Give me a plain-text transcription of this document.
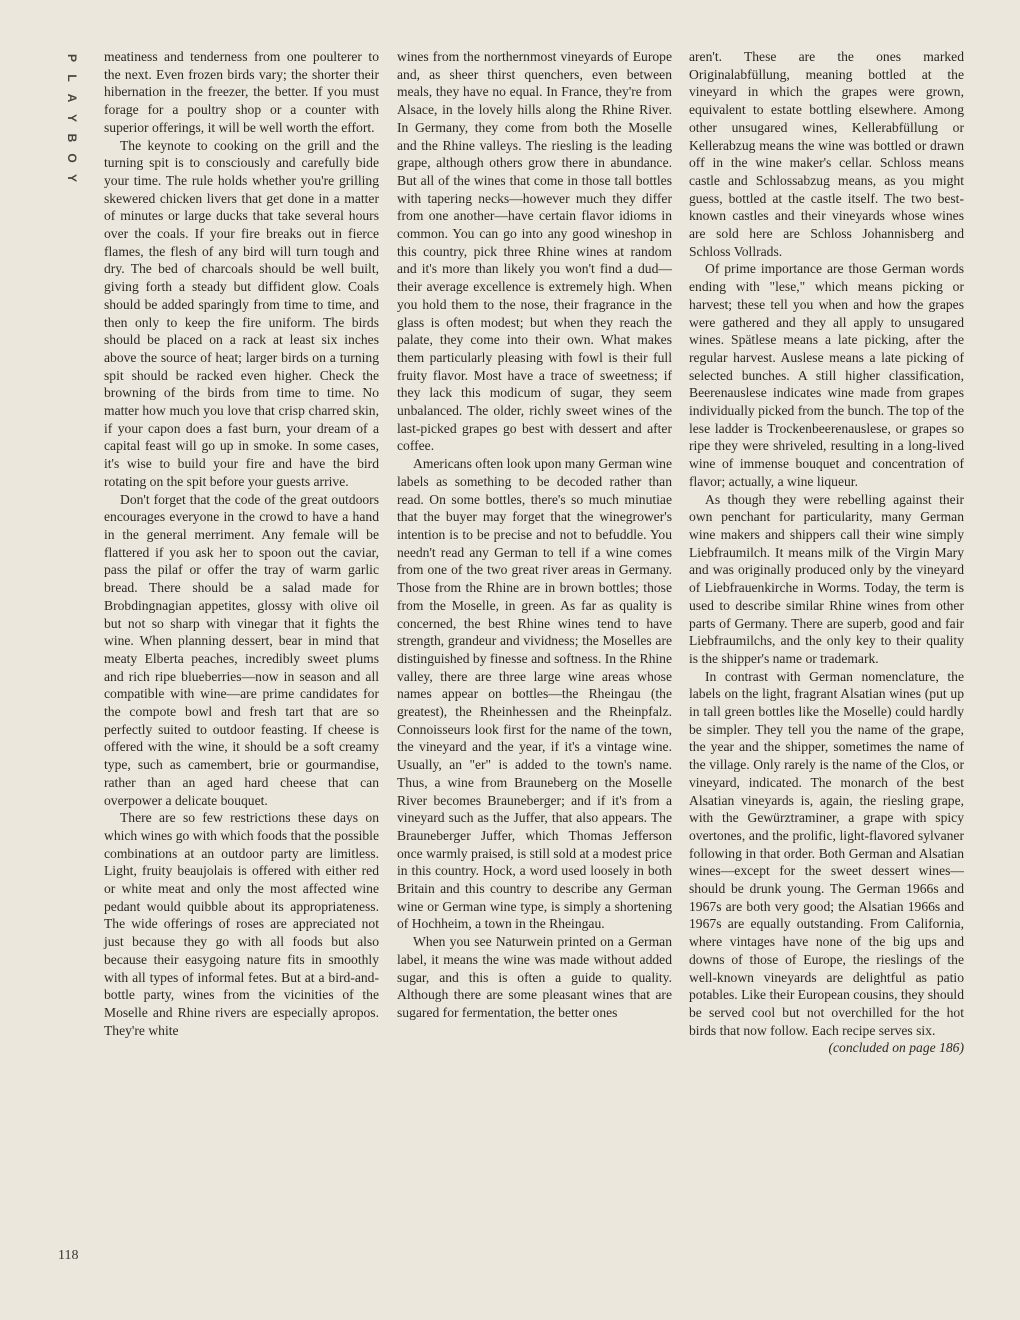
P
L
A
Y
B
O
Y
118

meatiness and tenderness from one poulterer to the next. Even frozen birds vary; the shorter their hibernation in the freezer, the better. If you must forage for a poultry shop or a counter with superior offerings, it will be well worth the effort.

The keynote to cooking on the grill and the turning spit is to consciously and carefully bide your time. The rule holds whether you're grilling skewered chicken livers that get done in a matter of minutes or large ducks that take several hours over the coals. If your fire breaks out in fierce flames, the flesh of any bird will turn tough and dry. The bed of charcoals should be well built, giving forth a steady but diffident glow. Coals should be added sparingly from time to time, and then only to keep the fire uniform. The birds should be placed on a rack at least six inches above the source of heat; larger birds on a turning spit should be racked even higher. Check the browning of the birds from time to time. No matter how much you love that crisp charred skin, if your capon does a fast burn, your dream of a capital feast will go up in smoke. In some cases, it's wise to build your fire and have the bird rotating on the spit before your guests arrive.

Don't forget that the code of the great outdoors encourages everyone in the crowd to have a hand in the general merriment. Any female will be flattered if you ask her to spoon out the caviar, pass the pilaf or offer the tray of warm garlic bread. There should be a salad made for Brobdingnagian appetites, glossy with olive oil but not so sharp with vinegar that it fights the wine. When planning dessert, bear in mind that meaty Elberta peaches, incredibly sweet plums and rich ripe blueberries—now in season and all compatible with wine—are prime candidates for the compote bowl and fresh tart that are so perfectly suited to outdoor feasting. If cheese is offered with the wine, it should be a soft creamy type, such as camembert, brie or gourmandise, rather than an aged hard cheese that can overpower a delicate bouquet.

There are so few restrictions these days on which wines go with which foods that the possible combinations at an outdoor party are limitless. Light, fruity beaujolais is offered with either red or white meat and only the most affected wine pedant would quibble about its appropriateness. The wide offerings of roses are appreciated not just because they go with all foods but also because their easygoing nature fits in smoothly with all types of informal fetes. But at a bird-and-bottle party, wines from the vicinities of the Moselle and Rhine rivers are especially apropos. They're white

wines from the northernmost vineyards of Europe and, as sheer thirst quenchers, even between meals, they have no equal. In France, they're from Alsace, in the lovely hills along the Rhine River. In Germany, they come from both the Moselle and the Rhine valleys. The riesling is the leading grape, although others grow there in abundance. But all of the wines that come in those tall bottles with tapering necks—however much they differ from one another—have certain flavor idioms in common. You can go into any good wineshop in this country, pick three Rhine wines at random and it's more than likely you won't find a dud—their average excellence is extremely high. When you hold them to the nose, their fragrance in the glass is often modest; but when they reach the palate, they come into their own. What makes them particularly pleasing with fowl is their full fruity flavor. Most have a trace of sweetness; if they lack this modicum of sugar, they seem unbalanced. The older, richly sweet wines of the last-picked grapes go best with dessert and after coffee.

Americans often look upon many German wine labels as something to be decoded rather than read. On some bottles, there's so much minutiae that the buyer may forget that the winegrower's intention is to be precise and not to befuddle. You needn't read any German to tell if a wine comes from one of the two great river areas in Germany. Those from the Rhine are in brown bottles; those from the Moselle, in green. As far as quality is concerned, the best Rhine wines tend to have strength, grandeur and vividness; the Moselles are distinguished by finesse and softness. In the Rhine valley, there are three large wine areas whose names appear on bottles—the Rheingau (the greatest), the Rheinhessen and the Rheinpfalz. Connoisseurs look first for the name of the town, the vineyard and the year, if it's a vintage wine. Usually, an "er" is added to the town's name. Thus, a wine from Brauneberg on the Moselle River becomes Brauneberger; and if it's from a vineyard such as the Juffer, that also appears. The Brauneberger Juffer, which Thomas Jefferson once warmly praised, is still sold at a modest price in this country. Hock, a word used loosely in both Britain and this country to describe any German wine or German wine type, is simply a shortening of Hochheim, a town in the Rheingau.

When you see Naturwein printed on a German label, it means the wine was made without added sugar, and this is often a guide to quality. Although there are some pleasant wines that are sugared for fermentation, the better ones

aren't. These are the ones marked Originalabfüllung, meaning bottled at the vineyard in which the grapes were grown, equivalent to estate bottling elsewhere. Among other unsugared wines, Kellerabfüllung or Kellerabzug means the wine was bottled or drawn off in the wine maker's cellar. Schloss means castle and Schlossabzug means, as you might guess, bottled at the castle itself. The two best-known castles and their vineyards whose wines are sold here are Schloss Johannisberg and Schloss Vollrads.

Of prime importance are those German words ending with "lese," which means picking or harvest; these tell you when and how the grapes were gathered and they all apply to unsugared wines. Spätlese means a late picking, after the regular harvest. Auslese means a late picking of selected bunches. A still higher classification, Beerenauslese indicates wine made from grapes individually picked from the bunch. The top of the lese ladder is Trockenbeerenauslese, or grapes so ripe they were shriveled, resulting in a long-lived wine of immense bouquet and concentration of flavor; actually, a wine liqueur.

As though they were rebelling against their own penchant for particularity, many German wine makers and shippers call their wine simply Liebfraumilch. It means milk of the Virgin Mary and was originally produced only by the vineyard of Liebfrauenkirche in Worms. Today, the term is used to describe similar Rhine wines from other parts of Germany. There are superb, good and fair Liebfraumilchs, and the only key to their quality is the shipper's name or trademark.

In contrast with German nomenclature, the labels on the light, fragrant Alsatian wines (put up in tall green bottles like the Moselle) could hardly be simpler. They tell you the name of the grape, the year and the shipper, sometimes the name of the village. Only rarely is the name of the Clos, or vineyard, indicated. The monarch of the best Alsatian vineyards is, again, the riesling grape, with the Gewürztraminer, a grape with spicy overtones, and the prolific, light-flavored sylvaner following in that order. Both German and Alsatian wines—except for the sweet dessert wines—should be drunk young. The German 1966s and 1967s are both very good; the Alsatian 1966s and 1967s are equally outstanding. From California, where vintages have none of the big ups and downs of those of Europe, the rieslings of the well-known vineyards are delightful as patio potables. Like their European cousins, they should be served cool but not overchilled for the hot birds that now follow. Each recipe serves six.

(concluded on page 186)
